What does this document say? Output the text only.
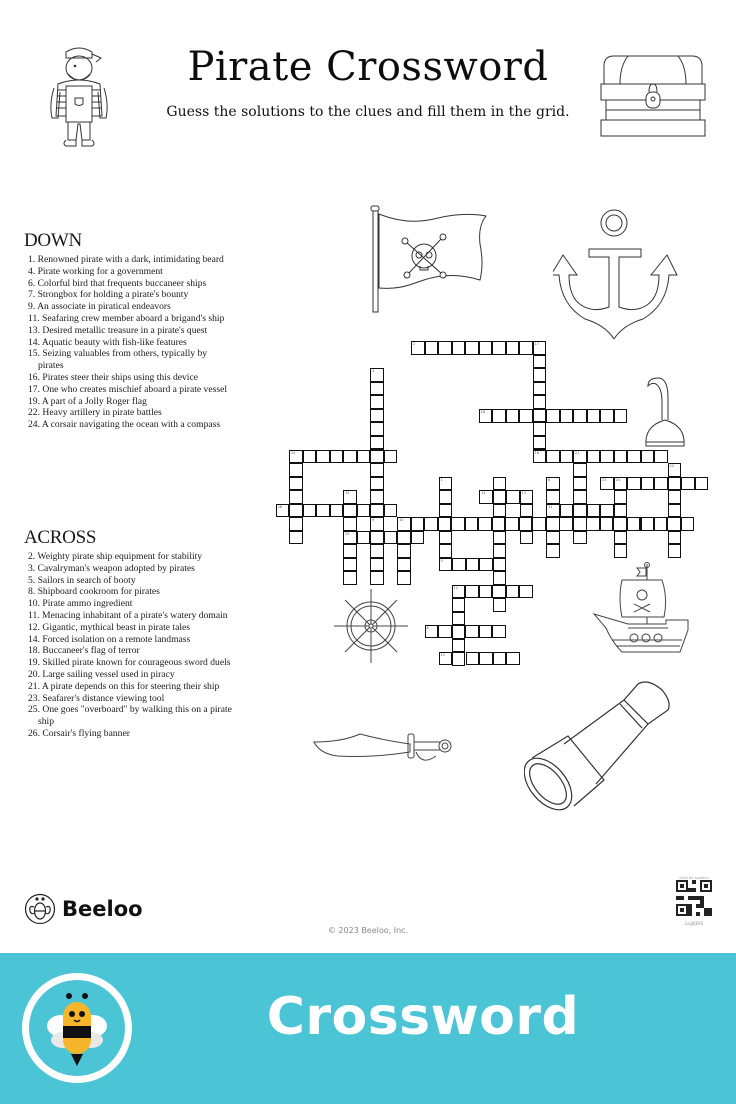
Pirate Crossword
Guess the solutions to the clues and fill them in the grid.
DOWN
1. Renowned pirate with a dark, intimidating beard
4. Pirate working for a government
6. Colorful bird that frequents buccaneer ships
7. Strongbox for holding a pirate's bounty
9. An associate in piratical endeavors
11. Seafaring crew member aboard a brigand's ship
13. Desired metallic treasure in a pirate's quest
14. Aquatic beauty with fish-like features
15. Seizing valuables from others, typically by pirates
16. Pirates steer their ships using this device
17. One who creates mischief aboard a pirate vessel
19. A part of a Jolly Roger flag
22. Heavy artillery in pirate battles
24. A corsair navigating the ocean with a compass
ACROSS
2. Weighty pirate ship equipment for stability
3. Cavalryman's weapon adopted by pirates
5. Sailors in search of booty
8. Shipboard cookroom for pirates
10. Pirate ammo ingredient
11. Menacing inhabitant of a pirate's watery domain
12. Gigantic, mythical beast in pirate tales
14. Forced isolation on a remote landmass
18. Buccaneer's flag of terror
19. Skilled pirate known for courageous sword duels
20. Large sailing vessel used in piracy
21. A pirate depends on this for steering their ship
23. Seafarer's distance viewing tool
25. One goes "overboard" by walking this on a pirate ship
26. Corsair's flying banner
2	17
4
18
24	16	21
22
23	24
1	6
11
14	13
15
25
26
9	10
3
11
8
12
Beeloo
© 2023 Beeloo, Inc.
Scan for solution
Grg8JEKS
Crossword
